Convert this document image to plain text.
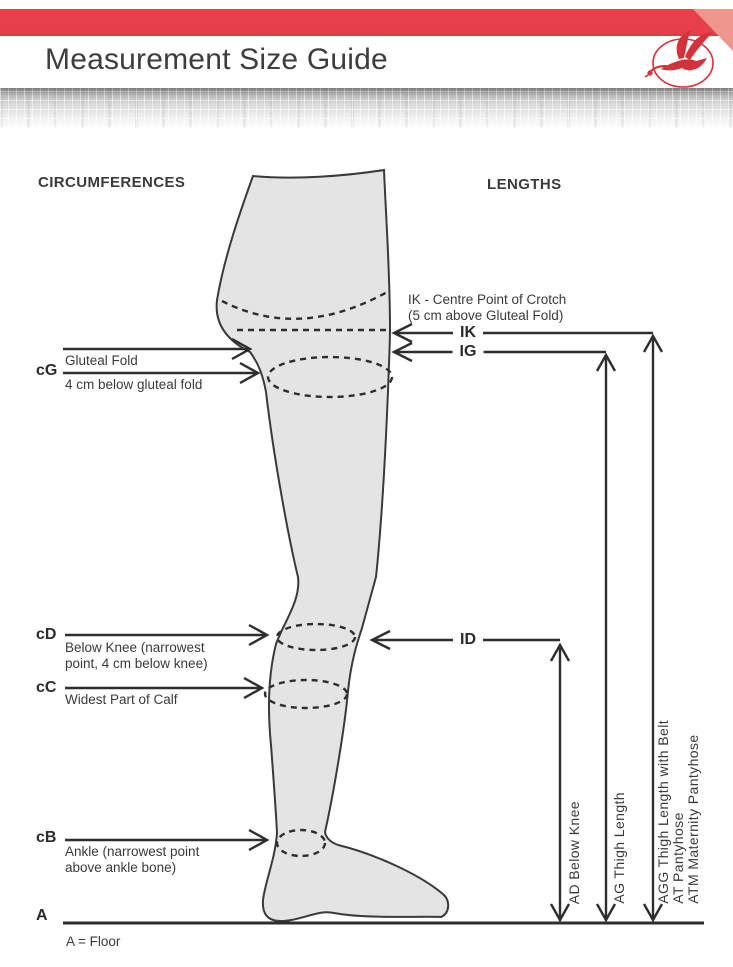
Measurement Size Guide
CIRCUMFERENCES	LENGTHS
IK - Centre Point of Crotch
(5 cm above Gluteal Fold)
IK
IG
ID
cG
Gluteal Fold
4 cm below gluteal fold
cD
Below Knee (narrowest point, 4 cm below knee)
cC
Widest Part of Calf
cB
Ankle (narrowest point above ankle bone)
A
A = Floor
AD Below Knee AG Thigh Length AGG Thigh Length with Belt AT Pantyhose ATM Maternity Pantyhose
